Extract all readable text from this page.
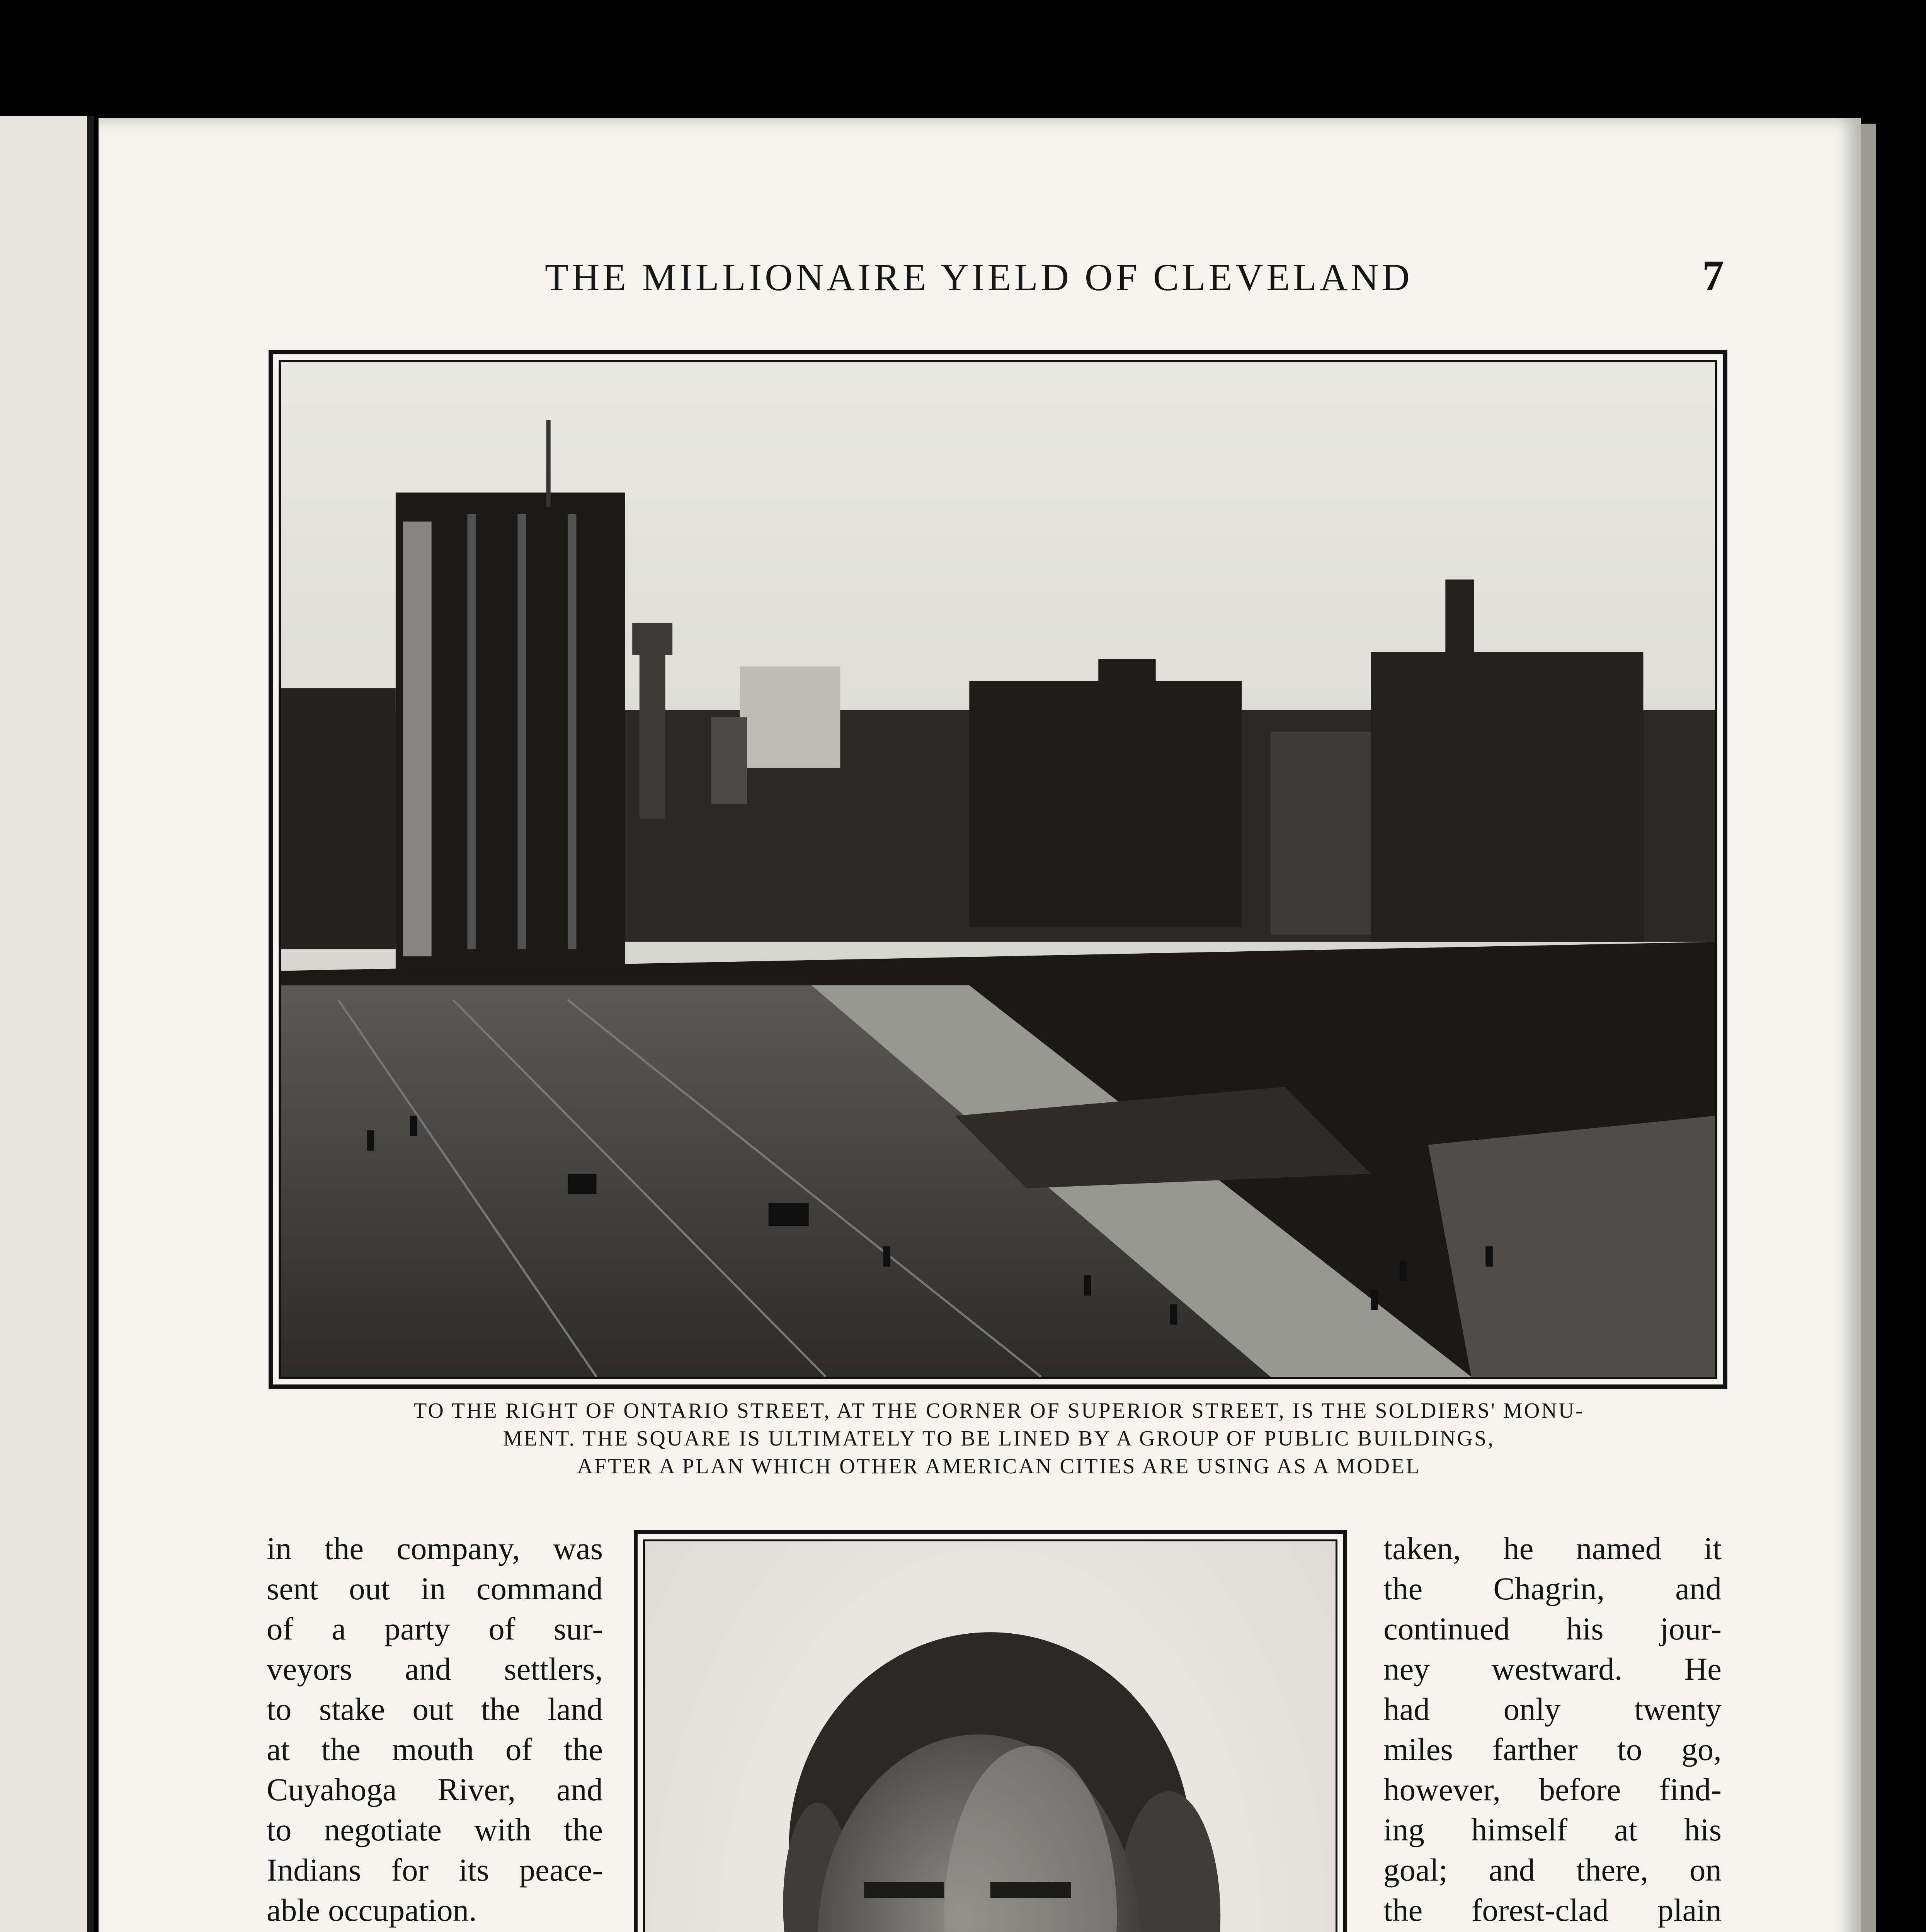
THE MILLIONAIRE YIELD OF CLEVELAND	7
TO THE RIGHT OF ONTARIO STREET, AT THE CORNER OF SUPERIOR STREET, IS THE SOLDIERS' MONU-
MENT. THE SQUARE IS ULTIMATELY TO BE LINED BY A GROUP OF PUBLIC BUILDINGS,
AFTER A PLAN WHICH OTHER AMERICAN CITIES ARE USING AS A MODEL
in the company, was
sent out in command
of a party of sur-
veyors and settlers,
to stake out the land
at the mouth of the
Cuyahoga River, and
to negotiate with the
Indians for its peace-
able occupation.
taken, he named it
the Chagrin, and
continued his jour-
ney westward. He
had only twenty
miles farther to go,
however, before find-
ing himself at his
goal; and there, on
the forest-clad plain
